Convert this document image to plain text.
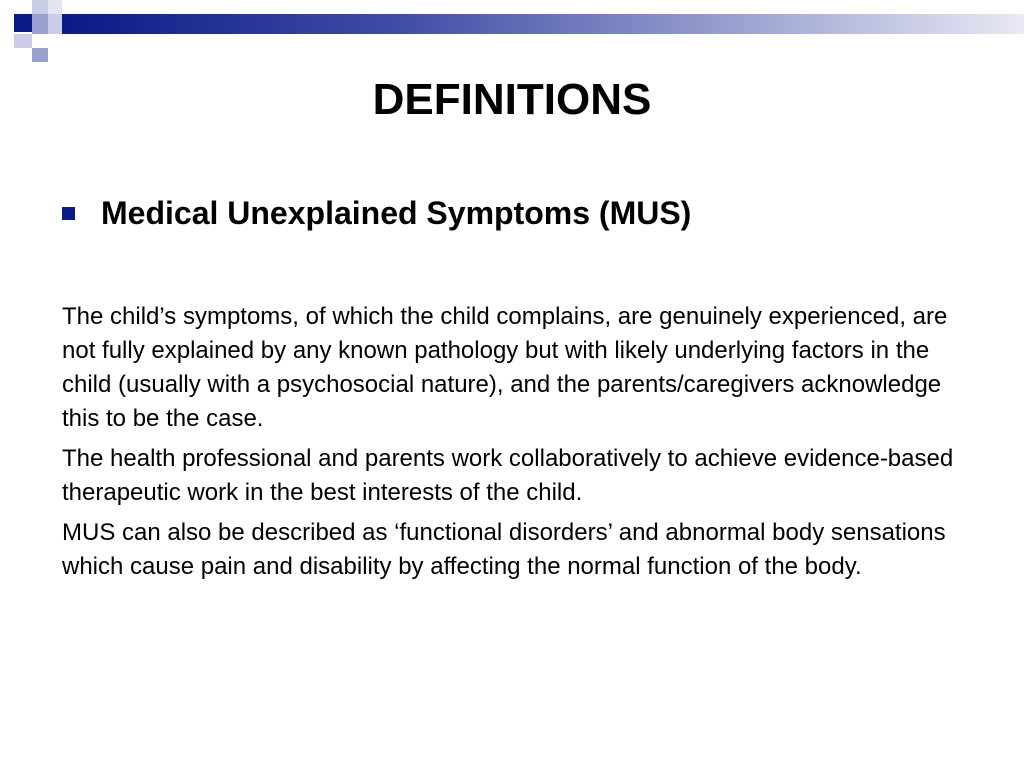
DEFINITIONS
Medical Unexplained Symptoms (MUS)

The child’s symptoms, of which the child complains, are genuinely experienced, are not fully explained by any known pathology but with likely underlying factors in the child (usually with a psychosocial nature), and the parents/caregivers acknowledge this to be the case.

The health professional and parents work collaboratively to achieve evidence-based therapeutic work in the best interests of the child.

MUS can also be described as ‘functional disorders’ and abnormal body sensations which cause pain and disability by affecting the normal function of the body.
